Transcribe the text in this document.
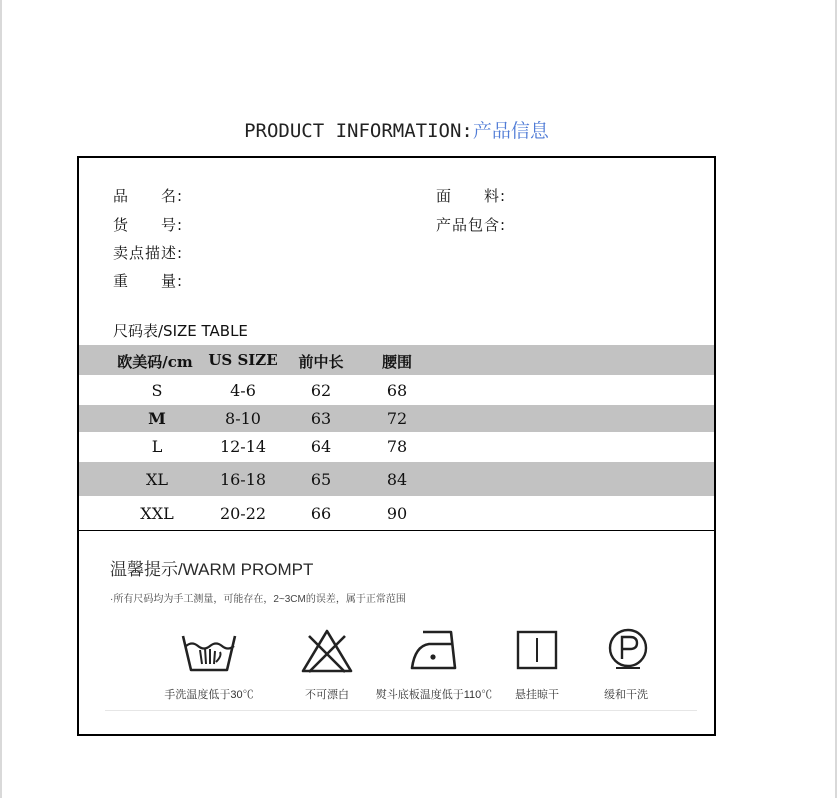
PRODUCT INFORMATION:产品信息
品　　名:	面　　料:
货　　号:	产品包含:
卖点描述:
重　　量:
尺码表/SIZE TABLE
欧美码/cm	US SIZE	前中长	腰围
S	4-6	62	68
M	8-10	63	72
L	12-14	64	78
XL	16-18	65	84
XXL	20-22	66	90
温馨提示/WARM PROMPT
·所有尺码均为手工测量，可能存在，2~3CM的误差，属于正常范围
手洗温度低于30℃	不可漂白	熨斗底板温度低于110℃	悬挂晾干	缓和干洗
